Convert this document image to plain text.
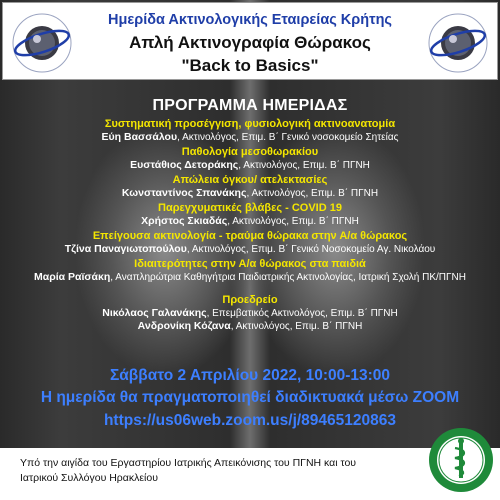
Ημερίδα Ακτινολογικής Εταιρείας Κρήτης
Απλή Ακτινογραφία Θώρακος
"Back to Basics"
ΠΡΟΓΡΑΜΜΑ ΗΜΕΡΙΔΑΣ
Συστηματική προσέγγιση, φυσιολογική ακτινοανατομία
Εύη Βασσάλου, Ακτινολόγος, Επιμ. Β΄ Γενικό νοσοκομείο Σητείας
Παθολογία μεσοθωρακίου
Ευστάθιος Δετοράκης, Ακτινολόγος, Επιμ. Β΄ ΠΓΝΗ
Απώλεια όγκου/ ατελεκτασίες
Κωνσταντίνος Σπανάκης, Ακτινολόγος, Επιμ. Β΄ ΠΓΝΗ
Παρεγχυματικές βλάβες - COVID 19
Χρήστος Σκιαδάς, Ακτινολόγος, Επιμ. Β΄ ΠΓΝΗ
Επείγουσα ακτινολογία - τραύμα θώρακα στην Α/α θώρακος
Τζίνα Παναγιωτοπούλου, Ακτινολόγος, Επιμ. Β΄ Γενικό Νοσοκομείο Αγ. Νικολάου
Ιδιαιτερότητες στην Α/α θώρακος στα παιδιά
Μαρία Ραϊσάκη, Αναπληρώτρια Καθηγήτρια Παιδιατρικής Ακτινολογίας, Ιατρική Σχολή ΠΚ/ΠΓΝΗ
Προεδρείο
Νικόλαος Γαλανάκης, Επεμβατικός Ακτινολόγος, Επιμ. Β΄ ΠΓΝΗ
Ανδρονίκη Κόζανα, Ακτινολόγος, Επιμ. Β΄ ΠΓΝΗ
Σάββατο 2 Απριλίου 2022, 10:00-13:00
Η ημερίδα θα πραγματοποιηθεί διαδικτυακά μέσω ZOOM
https://us06web.zoom.us/j/89465120863
Υπό την αιγίδα του Εργαστηρίου Ιατρικής Απεικόνισης του ΠΓΝΗ και του
Ιατρικού Συλλόγου Ηρακλείου
